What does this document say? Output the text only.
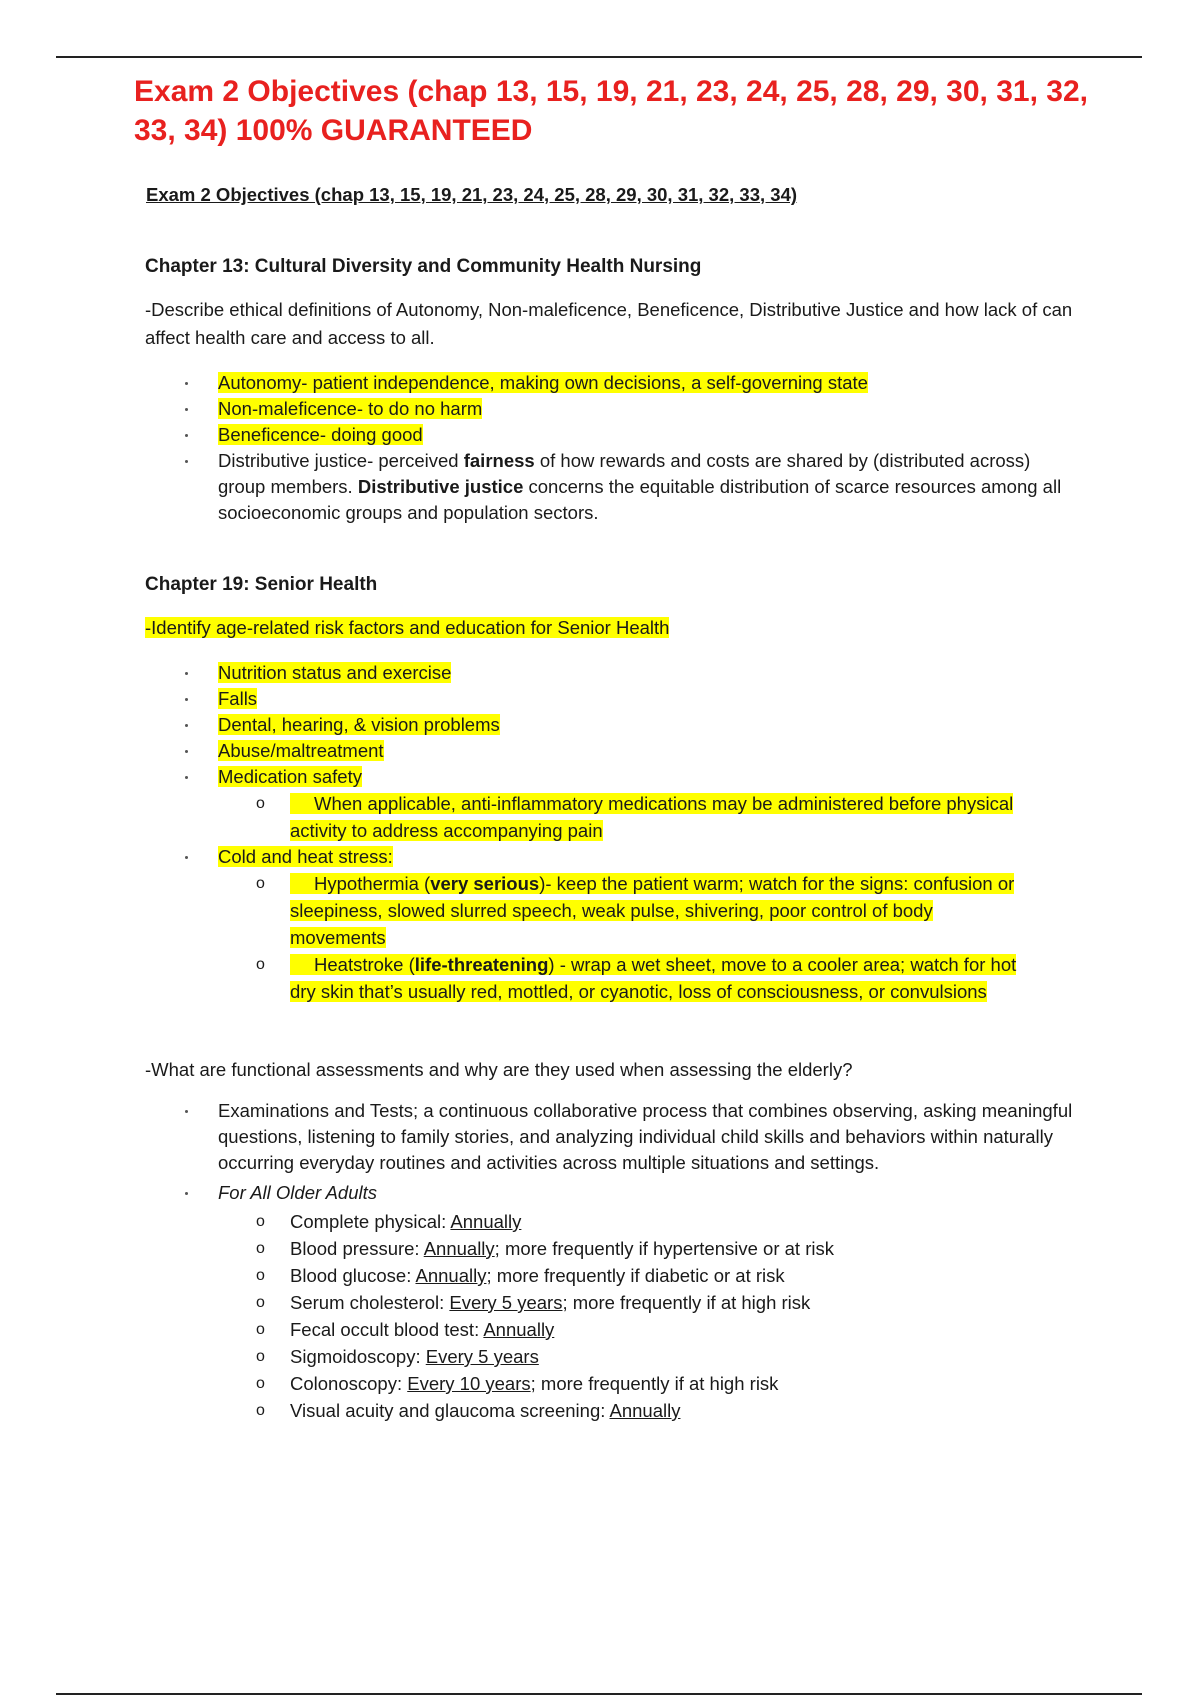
Exam 2 Objectives (chap 13, 15, 19, 21, 23, 24, 25, 28, 29, 30, 31, 32, 33, 34) 100% GUARANTEED

Exam 2 Objectives (chap 13, 15, 19, 21, 23, 24, 25, 28, 29, 30, 31, 32, 33, 34)

Chapter 13: Cultural Diversity and Community Health Nursing

-Describe ethical definitions of Autonomy, Non-maleficence, Beneficence, Distributive Justice and how lack of can affect health care and access to all.

Autonomy- patient independence, making own decisions, a self-governing state
Non-maleficence- to do no harm
Beneficence- doing good
Distributive justice- perceived fairness of how rewards and costs are shared by (distributed across) group members. Distributive justice concerns the equitable distribution of scarce resources among all socioeconomic groups and population sectors.

Chapter 19: Senior Health

-Identify age-related risk factors and education for Senior Health

Nutrition status and exercise
Falls
Dental, hearing, & vision problems
Abuse/maltreatment
Medication safety
o	When applicable, anti-inflammatory medications may be administered before physical activity to address accompanying pain
Cold and heat stress:
o	Hypothermia (very serious)- keep the patient warm; watch for the signs: confusion or sleepiness, slowed slurred speech, weak pulse, shivering, poor control of body movements
o	Heatstroke (life-threatening) - wrap a wet sheet, move to a cooler area; watch for hot dry skin that’s usually red, mottled, or cyanotic, loss of consciousness, or convulsions

-What are functional assessments and why are they used when assessing the elderly?

Examinations and Tests; a continuous collaborative process that combines observing, asking meaningful questions, listening to family stories, and analyzing individual child skills and behaviors within naturally occurring everyday routines and activities across multiple situations and settings.
For All Older Adults
o Complete physical: Annually
o Blood pressure: Annually; more frequently if hypertensive or at risk
o Blood glucose: Annually; more frequently if diabetic or at risk
o Serum cholesterol: Every 5 years; more frequently if at high risk
o Fecal occult blood test: Annually
o Sigmoidoscopy: Every 5 years
o Colonoscopy: Every 10 years; more frequently if at high risk
o Visual acuity and glaucoma screening: Annually
